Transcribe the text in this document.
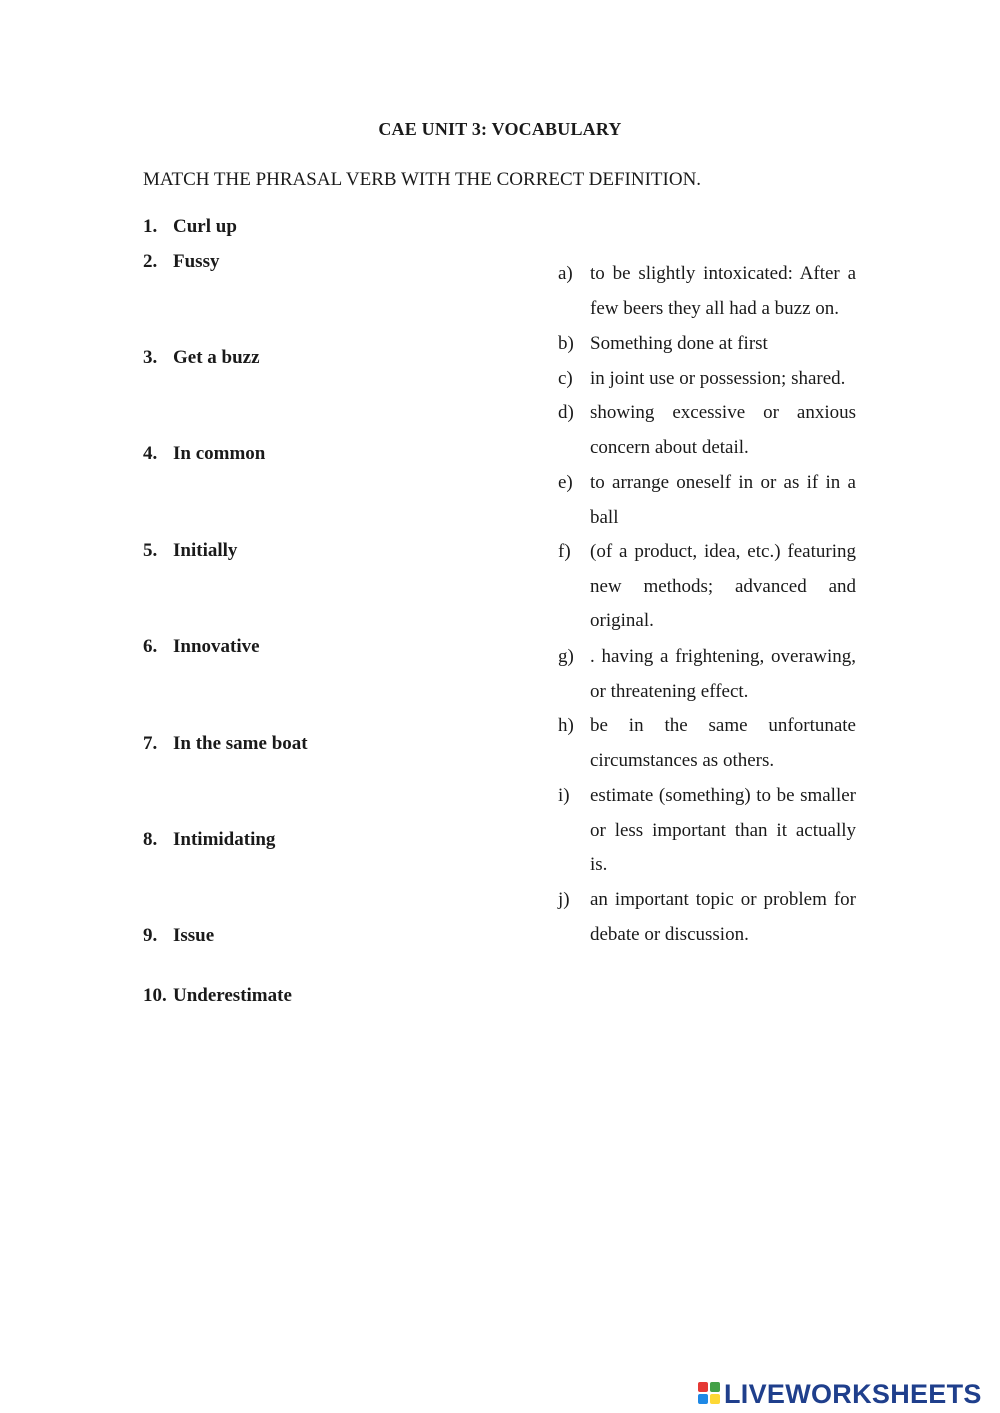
CAE UNIT 3: VOCABULARY
MATCH THE PHRASAL VERB WITH THE CORRECT DEFINITION.
1. Curl up
2. Fussy
3. Get a buzz
4. In common
5. Initially
6. Innovative
7. In the same boat
8. Intimidating
9. Issue
10. Underestimate
a) to be slightly intoxicated: After a few beers they all had a buzz on.
b) Something done at first
c) in joint use or possession; shared.
d) showing excessive or anxious concern about detail.
e) to arrange oneself in or as if in a ball
f) (of a product, idea, etc.) featuring new methods; advanced and original.
g) . having a frightening, overawing, or threatening effect.
h) be in the same unfortunate circumstances as others.
i) estimate (something) to be smaller or less important than it actually is.
j) an important topic or problem for debate or discussion.
LIVEWORKSHEETS
